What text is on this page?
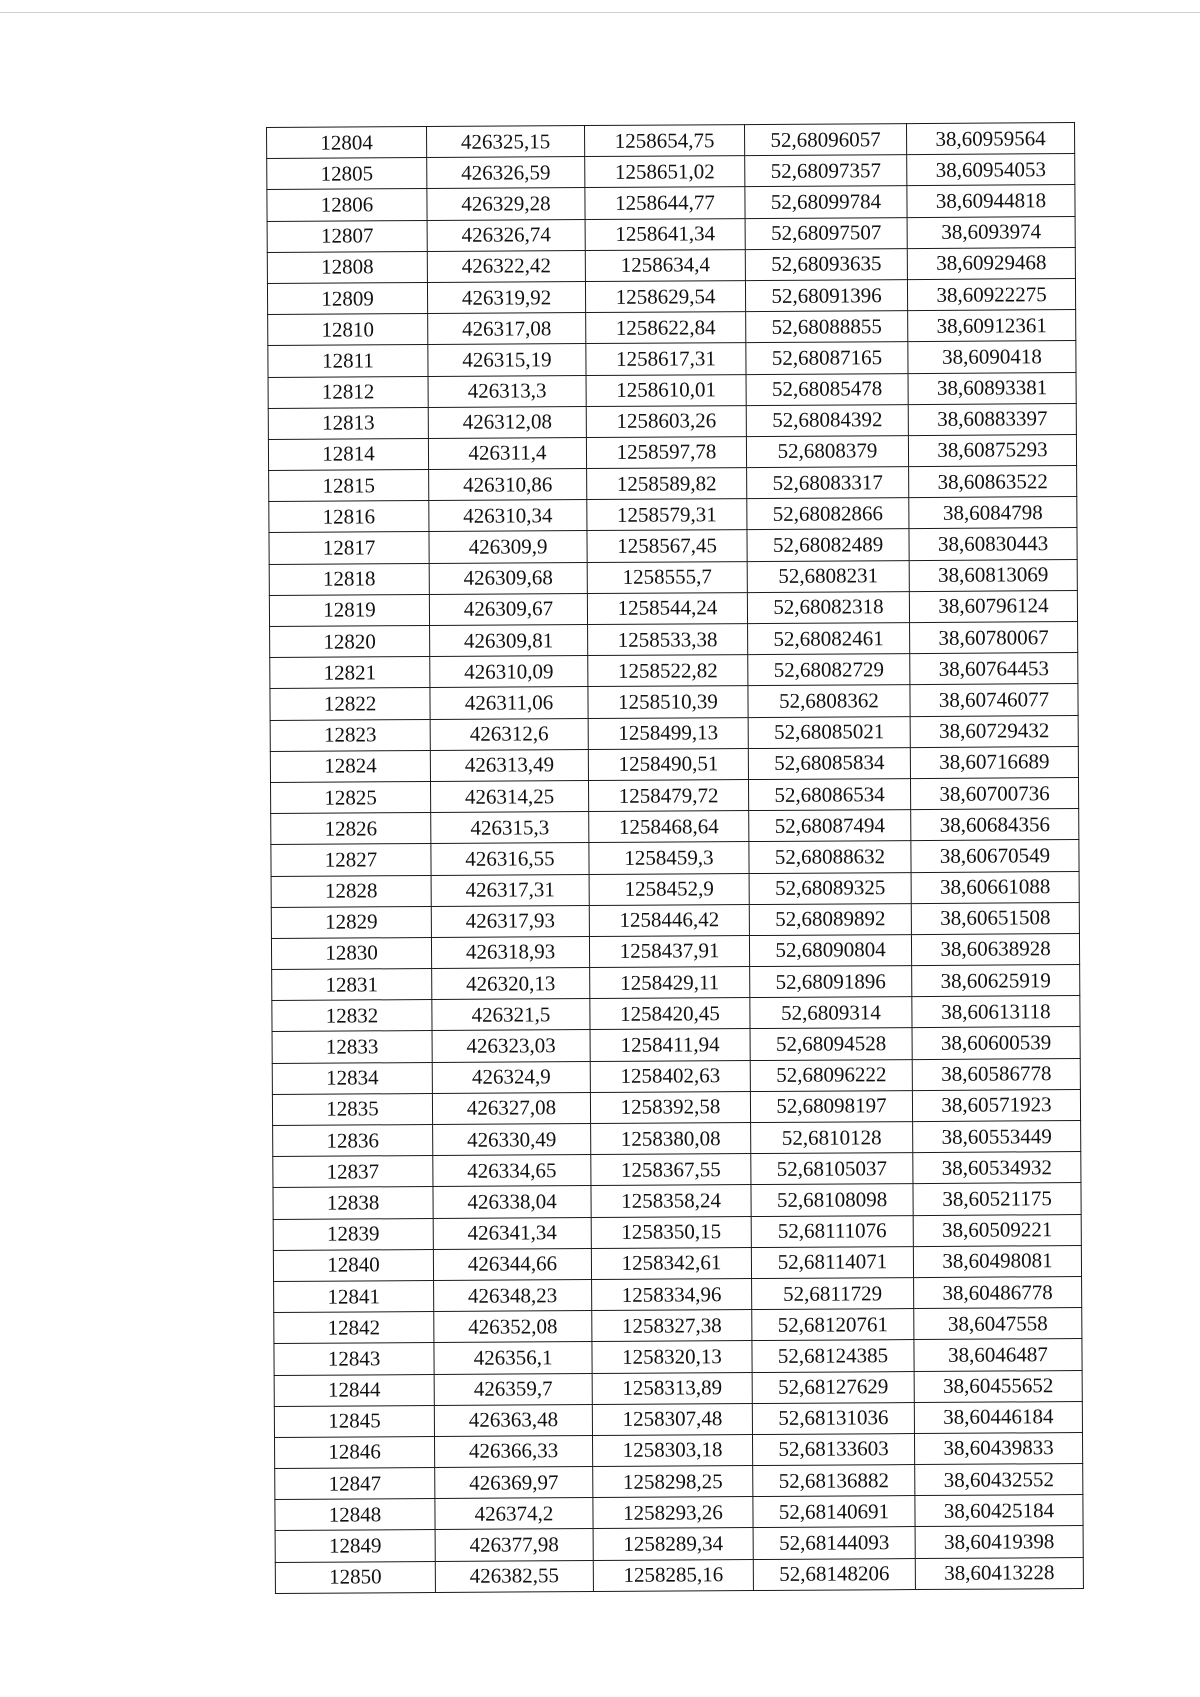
12804	426325,15	1258654,75	52,68096057	38,60959564
12805	426326,59	1258651,02	52,68097357	38,60954053
12806	426329,28	1258644,77	52,68099784	38,60944818
12807	426326,74	1258641,34	52,68097507	38,6093974
12808	426322,42	1258634,4	52,68093635	38,60929468
12809	426319,92	1258629,54	52,68091396	38,60922275
12810	426317,08	1258622,84	52,68088855	38,60912361
12811	426315,19	1258617,31	52,68087165	38,6090418
12812	426313,3	1258610,01	52,68085478	38,60893381
12813	426312,08	1258603,26	52,68084392	38,60883397
12814	426311,4	1258597,78	52,6808379	38,60875293
12815	426310,86	1258589,82	52,68083317	38,60863522
12816	426310,34	1258579,31	52,68082866	38,6084798
12817	426309,9	1258567,45	52,68082489	38,60830443
12818	426309,68	1258555,7	52,6808231	38,60813069
12819	426309,67	1258544,24	52,68082318	38,60796124
12820	426309,81	1258533,38	52,68082461	38,60780067
12821	426310,09	1258522,82	52,68082729	38,60764453
12822	426311,06	1258510,39	52,6808362	38,60746077
12823	426312,6	1258499,13	52,68085021	38,60729432
12824	426313,49	1258490,51	52,68085834	38,60716689
12825	426314,25	1258479,72	52,68086534	38,60700736
12826	426315,3	1258468,64	52,68087494	38,60684356
12827	426316,55	1258459,3	52,68088632	38,60670549
12828	426317,31	1258452,9	52,68089325	38,60661088
12829	426317,93	1258446,42	52,68089892	38,60651508
12830	426318,93	1258437,91	52,68090804	38,60638928
12831	426320,13	1258429,11	52,68091896	38,60625919
12832	426321,5	1258420,45	52,6809314	38,60613118
12833	426323,03	1258411,94	52,68094528	38,60600539
12834	426324,9	1258402,63	52,68096222	38,60586778
12835	426327,08	1258392,58	52,68098197	38,60571923
12836	426330,49	1258380,08	52,6810128	38,60553449
12837	426334,65	1258367,55	52,68105037	38,60534932
12838	426338,04	1258358,24	52,68108098	38,60521175
12839	426341,34	1258350,15	52,68111076	38,60509221
12840	426344,66	1258342,61	52,68114071	38,60498081
12841	426348,23	1258334,96	52,6811729	38,60486778
12842	426352,08	1258327,38	52,68120761	38,6047558
12843	426356,1	1258320,13	52,68124385	38,6046487
12844	426359,7	1258313,89	52,68127629	38,60455652
12845	426363,48	1258307,48	52,68131036	38,60446184
12846	426366,33	1258303,18	52,68133603	38,60439833
12847	426369,97	1258298,25	52,68136882	38,60432552
12848	426374,2	1258293,26	52,68140691	38,60425184
12849	426377,98	1258289,34	52,68144093	38,60419398
12850	426382,55	1258285,16	52,68148206	38,60413228
